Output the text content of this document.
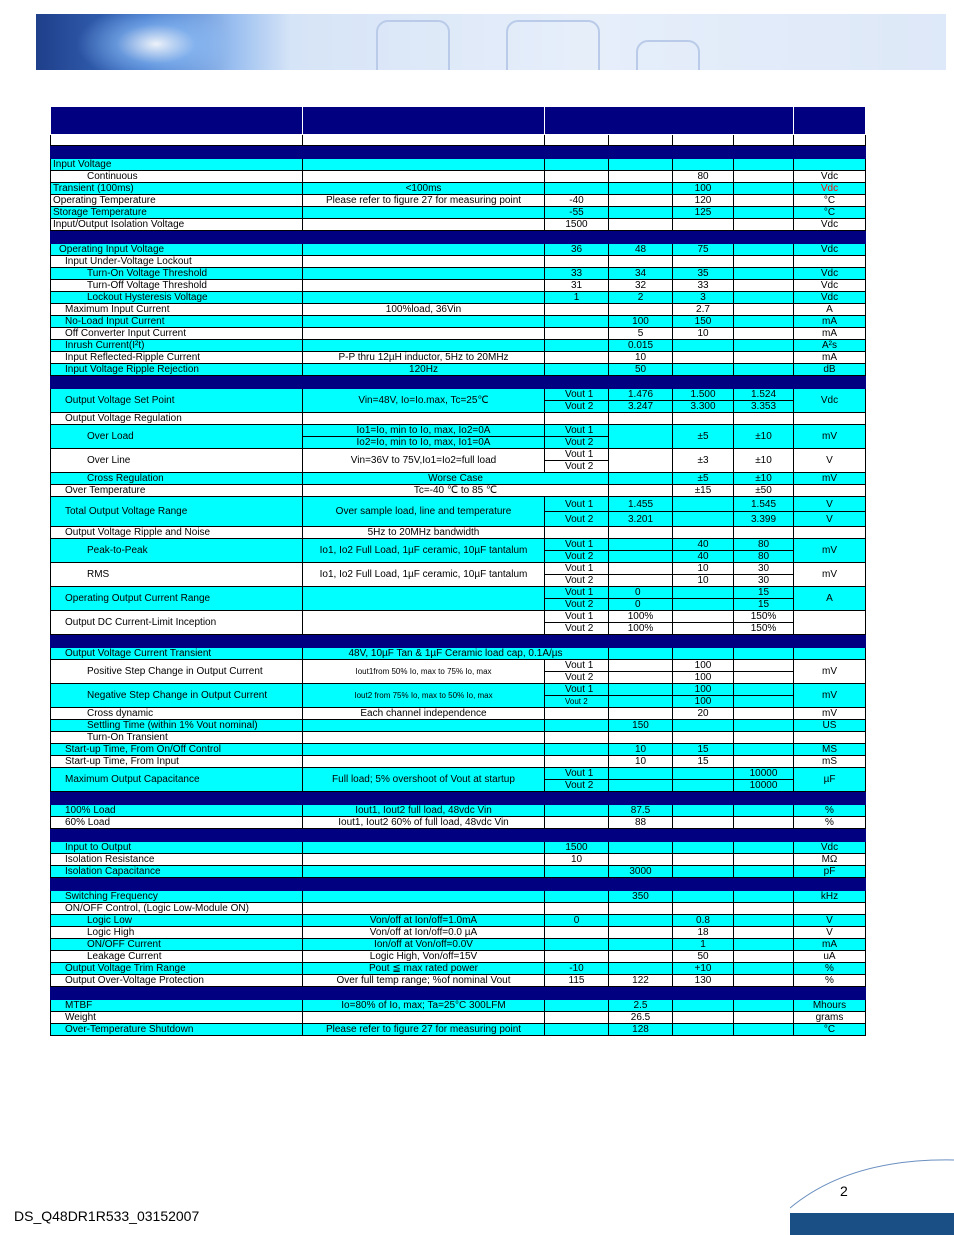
Input Voltage						
Continuous				80		Vdc
Transient (100ms)	<100ms			100		Vdc
Operating Temperature	Please refer to figure 27 for measuring point	-40		120		°C
Storage Temperature		-55		125		°C
Input/Output Isolation Voltage		1500				Vdc

Operating Input Voltage		36	48	75		Vdc
Input Under-Voltage Lockout						
Turn-On Voltage Threshold		33	34	35		Vdc
Turn-Off Voltage Threshold		31	32	33		Vdc
Lockout Hysteresis Voltage		1	2	3		Vdc
Maximum Input Current	100%load, 36Vin			2.7		A
No-Load Input Current			100	150		mA
Off Converter Input Current			5	10		mA
Inrush Current(I²t)			0.015			A²s
Input Reflected-Ripple Current	P-P thru 12µH inductor, 5Hz to 20MHz		10			mA
Input Voltage Ripple Rejection	120Hz		50			dB

Output Voltage Set Point	Vin=48V, Io=Io.max, Tc=25℃	Vout 1	1.476	1.500	1.524	Vdc
		Vout 2	3.247	3.300	3.353	
Output Voltage Regulation						
Over Load	Io1=Io, min to Io, max, Io2=0A	Vout 1		±5	±10	mV
	Io2=Io, min to Io, max, Io1=0A	Vout 2				
Over Line	Vin=36V to 75V,Io1=Io2=full load	Vout 1		±3	±10	V
		Vout 2				
Cross Regulation	Worse Case			±5	±10	mV
Over Temperature	Tc=-40 ℃ to 85 ℃			±15	±50	
Total Output Voltage Range	Over sample load, line and temperature	Vout 1	1.455		1.545	V
		Vout 2	3.201		3.399	V
Output Voltage Ripple and Noise	5Hz to 20MHz bandwidth					
Peak-to-Peak	Io1, Io2 Full Load, 1µF ceramic, 10µF tantalum	Vout 1		40	80	mV
		Vout 2		40	80	
RMS	Io1, Io2 Full Load, 1µF ceramic, 10µF tantalum	Vout 1		10	30	mV
		Vout 2		10	30	
Operating Output Current Range		Vout 1	0		15	A
		Vout 2	0		15	
Output DC Current-Limit Inception		Vout 1	100%		150%	
		Vout 2	100%		150%	

Output Voltage Current Transient	48V, 10µF Tan & 1µF Ceramic load cap, 0.1A/µs					
Positive Step Change in Output Current	Iout1from 50% Io, max to 75% Io, max	Vout 1		100		mV
		Vout 2		100		
Negative Step Change in Output Current	Iout2 from 75% Io, max to 50% Io, max	Vout 1		100		mV
		Vout 2		100		
Cross dynamic	Each channel independence			20		mV
Settling Time (within 1% Vout nominal)			150			US
Turn-On Transient						
Start-up Time, From On/Off Control			10	15		MS
Start-up Time, From Input			10	15		mS
Maximum Output Capacitance	Full load; 5% overshoot of Vout at startup	Vout 1			10000	µF
		Vout 2			10000	

100% Load	Iout1, Iout2 full load, 48vdc Vin		87.5			%
60% Load	Iout1, Iout2 60% of full load, 48vdc Vin		88			%

Input to Output		1500				Vdc
Isolation Resistance		10				MΩ
Isolation Capacitance			3000			pF

Switching Frequency			350			kHz
ON/OFF Control, (Logic Low-Module ON)						
Logic Low	Von/off at Ion/off=1.0mA	0		0.8		V
Logic High	Von/off at Ion/off=0.0 µA			18		V
ON/OFF Current	Ion/off at Von/off=0.0V			1		mA
Leakage Current	Logic High, Von/off=15V			50		uA
Output Voltage Trim Range	Pout ≦ max rated power	-10		+10		%
Output Over-Voltage Protection	Over full temp range; %of nominal Vout	115	122	130		%

MTBF	Io=80% of Io, max; Ta=25°C 300LFM		2.5			Mhours
Weight			26.5			grams
Over-Temperature Shutdown	Please refer to figure 27 for measuring point		128			°C
2
DS_Q48DR1R533_03152007
